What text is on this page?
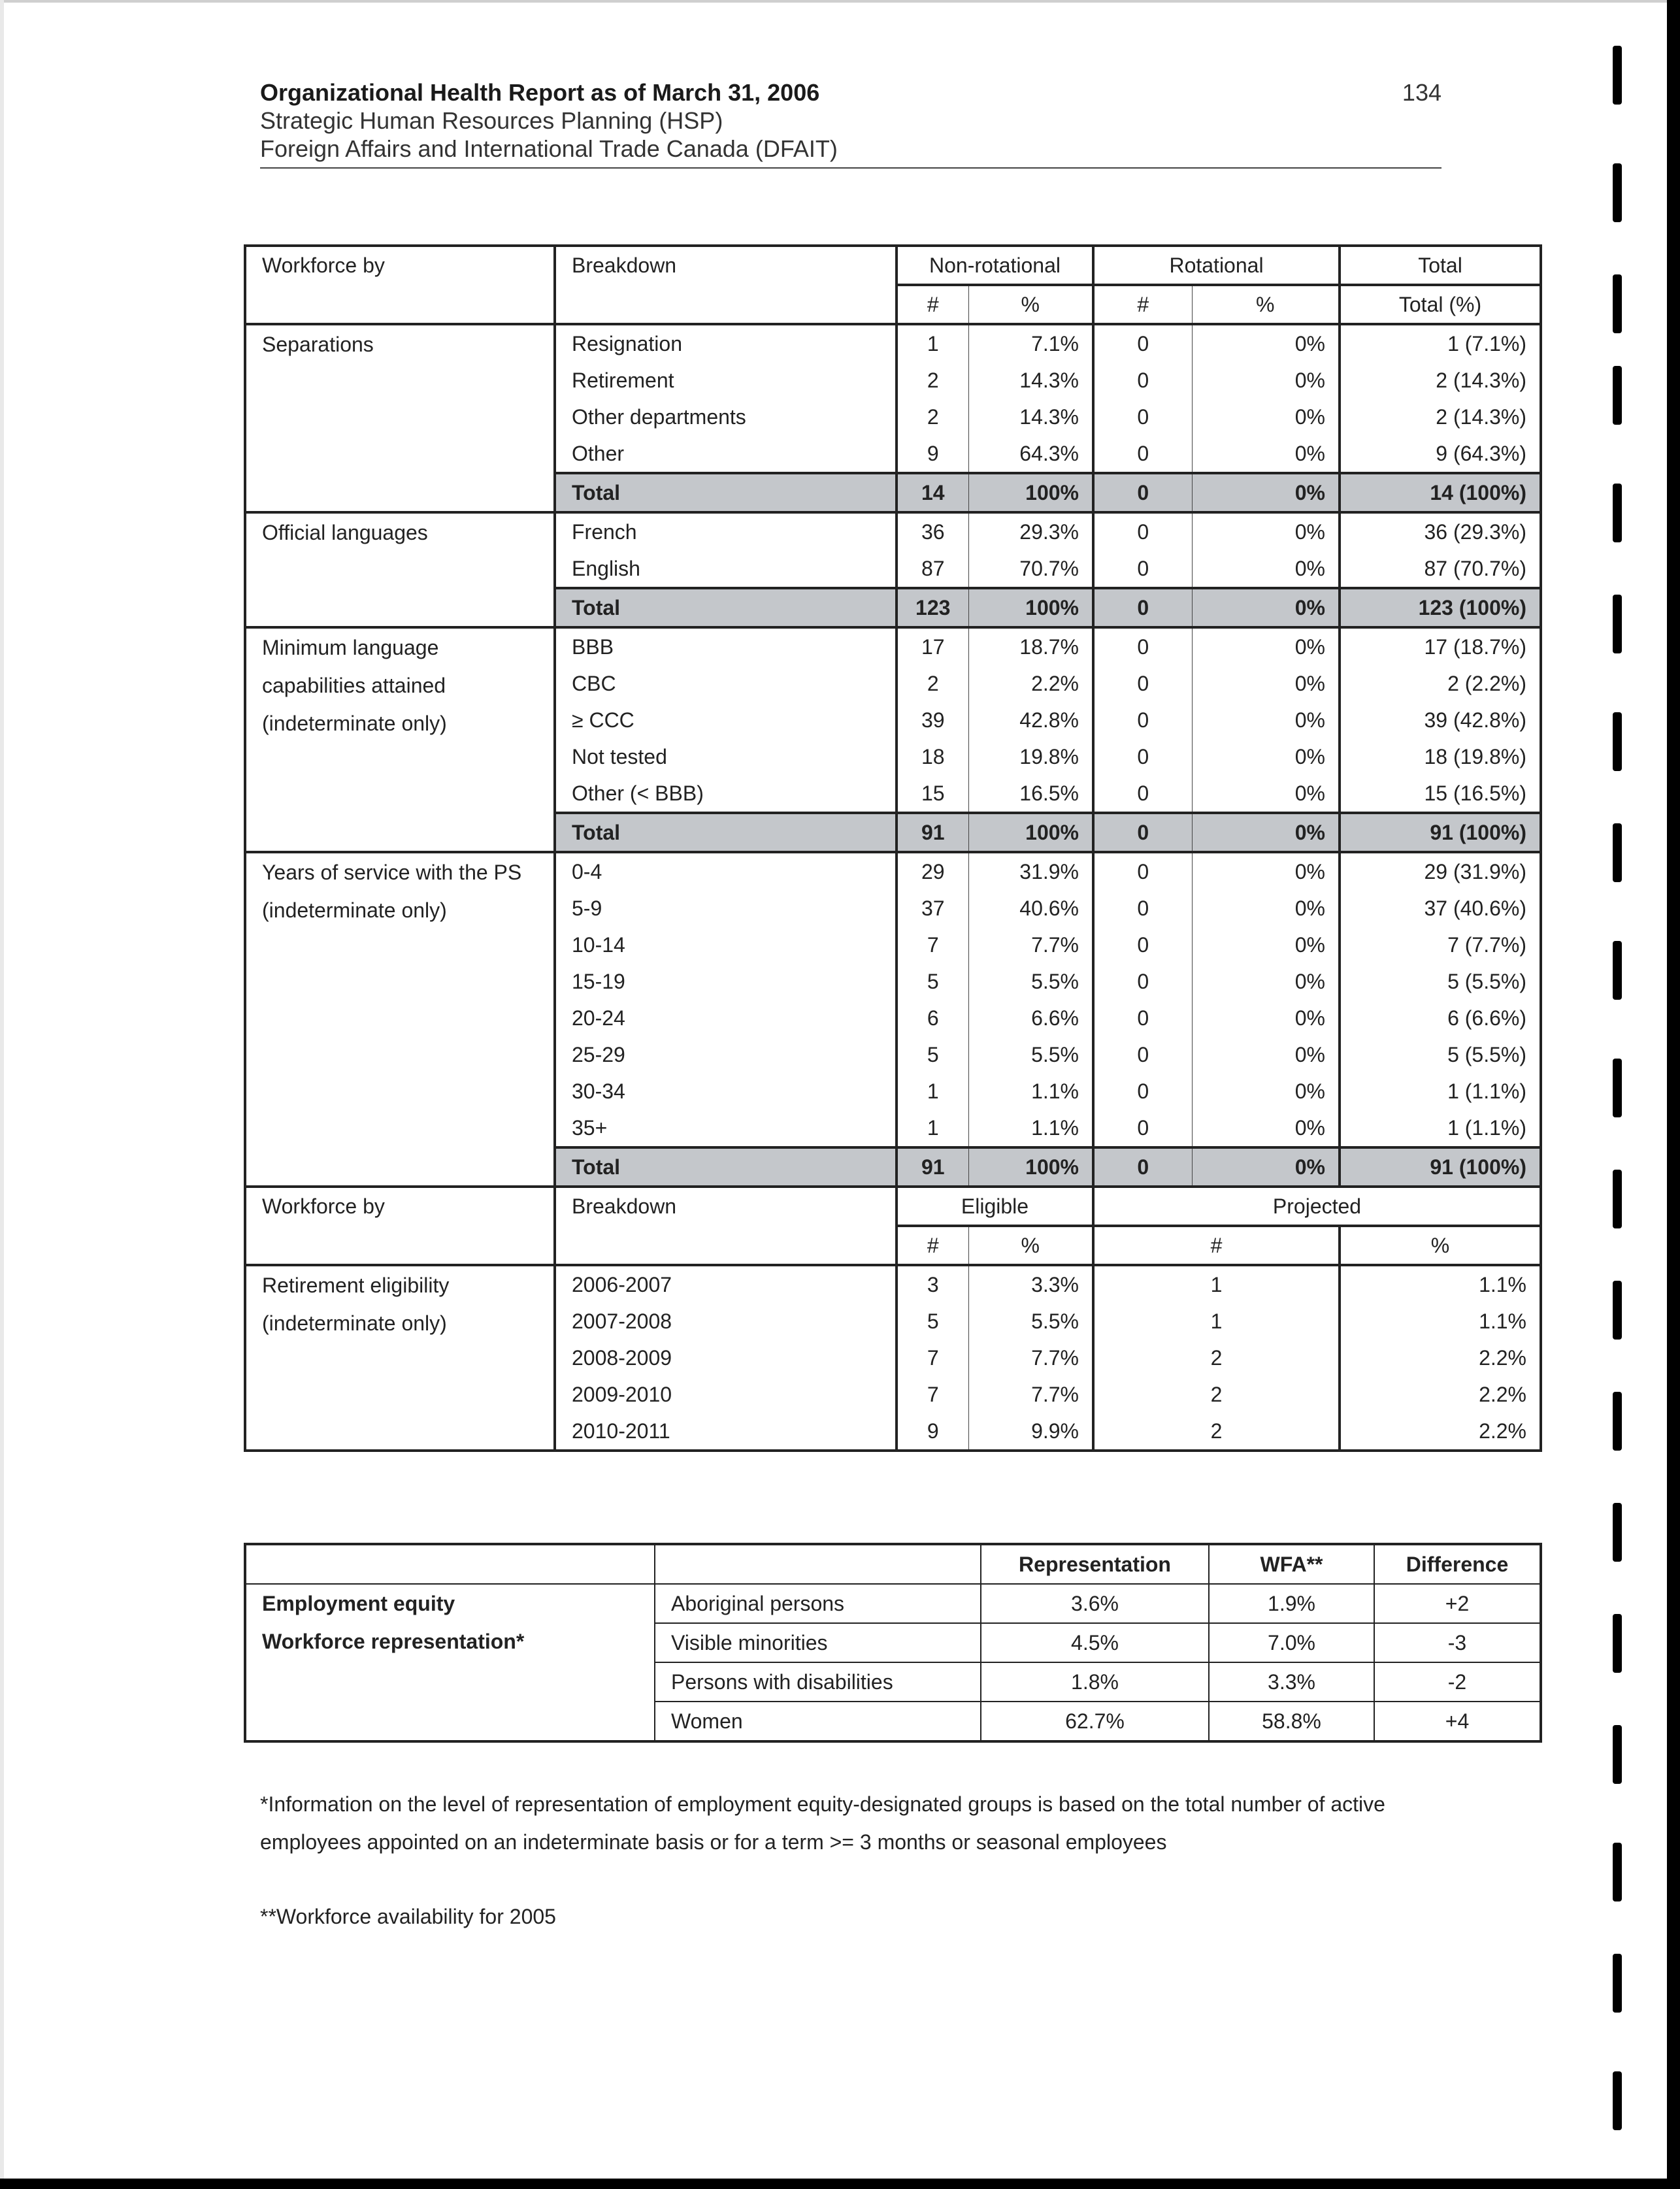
Organizational Health Report as of March 31, 2006
Strategic Human Resources Planning (HSP)
Foreign Affairs and International Trade Canada (DFAIT)
134
Workforce by	Breakdown	Non-rotational		Rotational		Total
		#	%	#	%	Total (%)
Separations	Resignation	1	7.1%	0	0%	1 (7.1%)
	Retirement	2	14.3%	0	0%	2 (14.3%)
	Other departments	2	14.3%	0	0%	2 (14.3%)
	Other	9	64.3%	0	0%	9 (64.3%)
	Total	14	100%	0	0%	14 (100%)
Official languages	French	36	29.3%	0	0%	36 (29.3%)
	English	87	70.7%	0	0%	87 (70.7%)
	Total	123	100%	0	0%	123 (100%)

Minimum language
capabilities attained
(indeterminate only)	BBB	17	18.7%	0	0%	17 (18.7%)
	CBC	2	2.2%	0	0%	2 (2.2%)
	≥ CCC	39	42.8%	0	0%	39 (42.8%)
	Not tested	18	19.8%	0	0%	18 (19.8%)
	Other (< BBB)	15	16.5%	0	0%	15 (16.5%)
	Total	91	100%	0	0%	91 (100%)

Years of service with the PS
(indeterminate only)	0-4	29	31.9%	0	0%	29 (31.9%)
	5-9	37	40.6%	0	0%	37 (40.6%)
	10-14	7	7.7%	0	0%	7 (7.7%)
	15-19	5	5.5%	0	0%	5 (5.5%)
	20-24	6	6.6%	0	0%	6 (6.6%)
	25-29	5	5.5%	0	0%	5 (5.5%)
	30-34	1	1.1%	0	0%	1 (1.1%)
	35+	1	1.1%	0	0%	1 (1.1%)
	Total	91	100%	0	0%	91 (100%)
Workforce by	Breakdown	Eligible		Projected		
		#	%	#		%

Retirement eligibility
(indeterminate only)	2006-2007	3	3.3%	1		1.1%
	2007-2008	5	5.5%	1		1.1%
	2008-2009	7	7.7%	2		2.2%
	2009-2010	7	7.7%	2		2.2%
	2010-2011	9	9.9%	2		2.2%
		Representation	WFA**	Difference

Employment equity
Workforce representation*	Aboriginal persons	3.6%	1.9%	+2
	Visible minorities	4.5%	7.0%	-3
	Persons with disabilities	1.8%	3.3%	-2
	Women	62.7%	58.8%	+4
*Information on the level of representation of employment equity-designated groups is based on the total number of active
employees appointed on an indeterminate basis or for a term >= 3 months or seasonal employees
**Workforce availability for 2005
